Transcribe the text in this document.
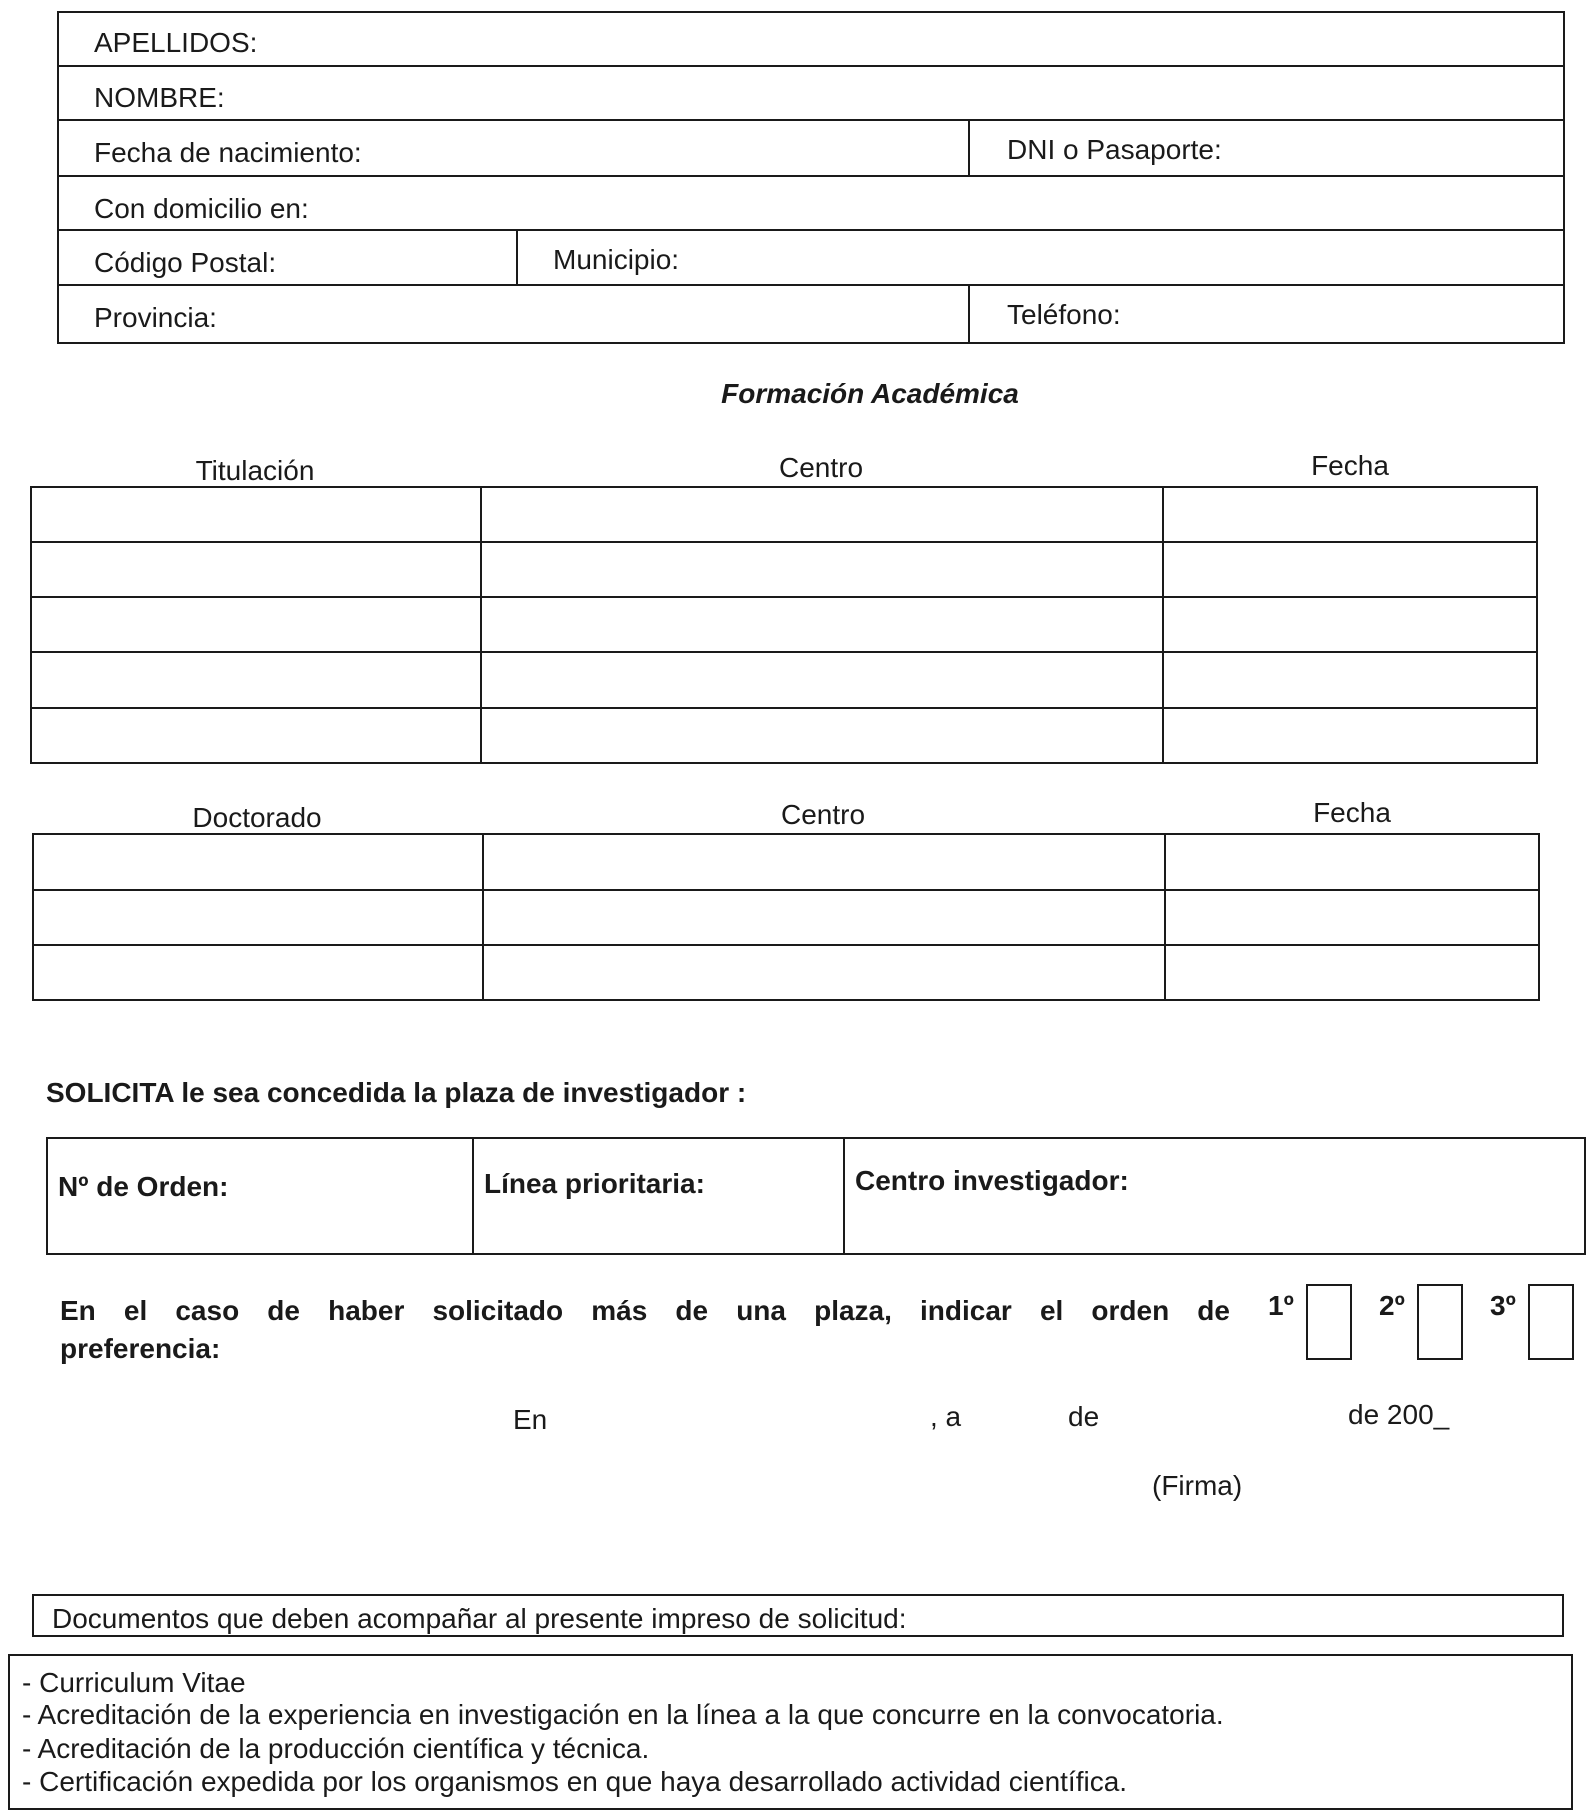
APELLIDOS:
NOMBRE:
Fecha de nacimiento:	DNI o Pasaporte:
Con domicilio en:
Código Postal:	Municipio:
Provincia:	Teléfono:
Formación Académica
Titulación	Centro	Fecha
Doctorado	Centro	Fecha
SOLICITA le sea concedida la plaza de investigador :
Nº de Orden:	Línea prioritaria:	Centro investigador:
En el caso de haber solicitado más de una plaza, indicar el orden de
preferencia:
1º	2º	3º
En	, a	de	de 200_
(Firma)
Documentos que deben acompañar al presente impreso de solicitud:
- Curriculum Vitae
- Acreditación de la experiencia en investigación en la línea a la que concurre en la convocatoria.
- Acreditación de la producción científica y técnica.
- Certificación expedida por los organismos en que haya desarrollado actividad científica.
